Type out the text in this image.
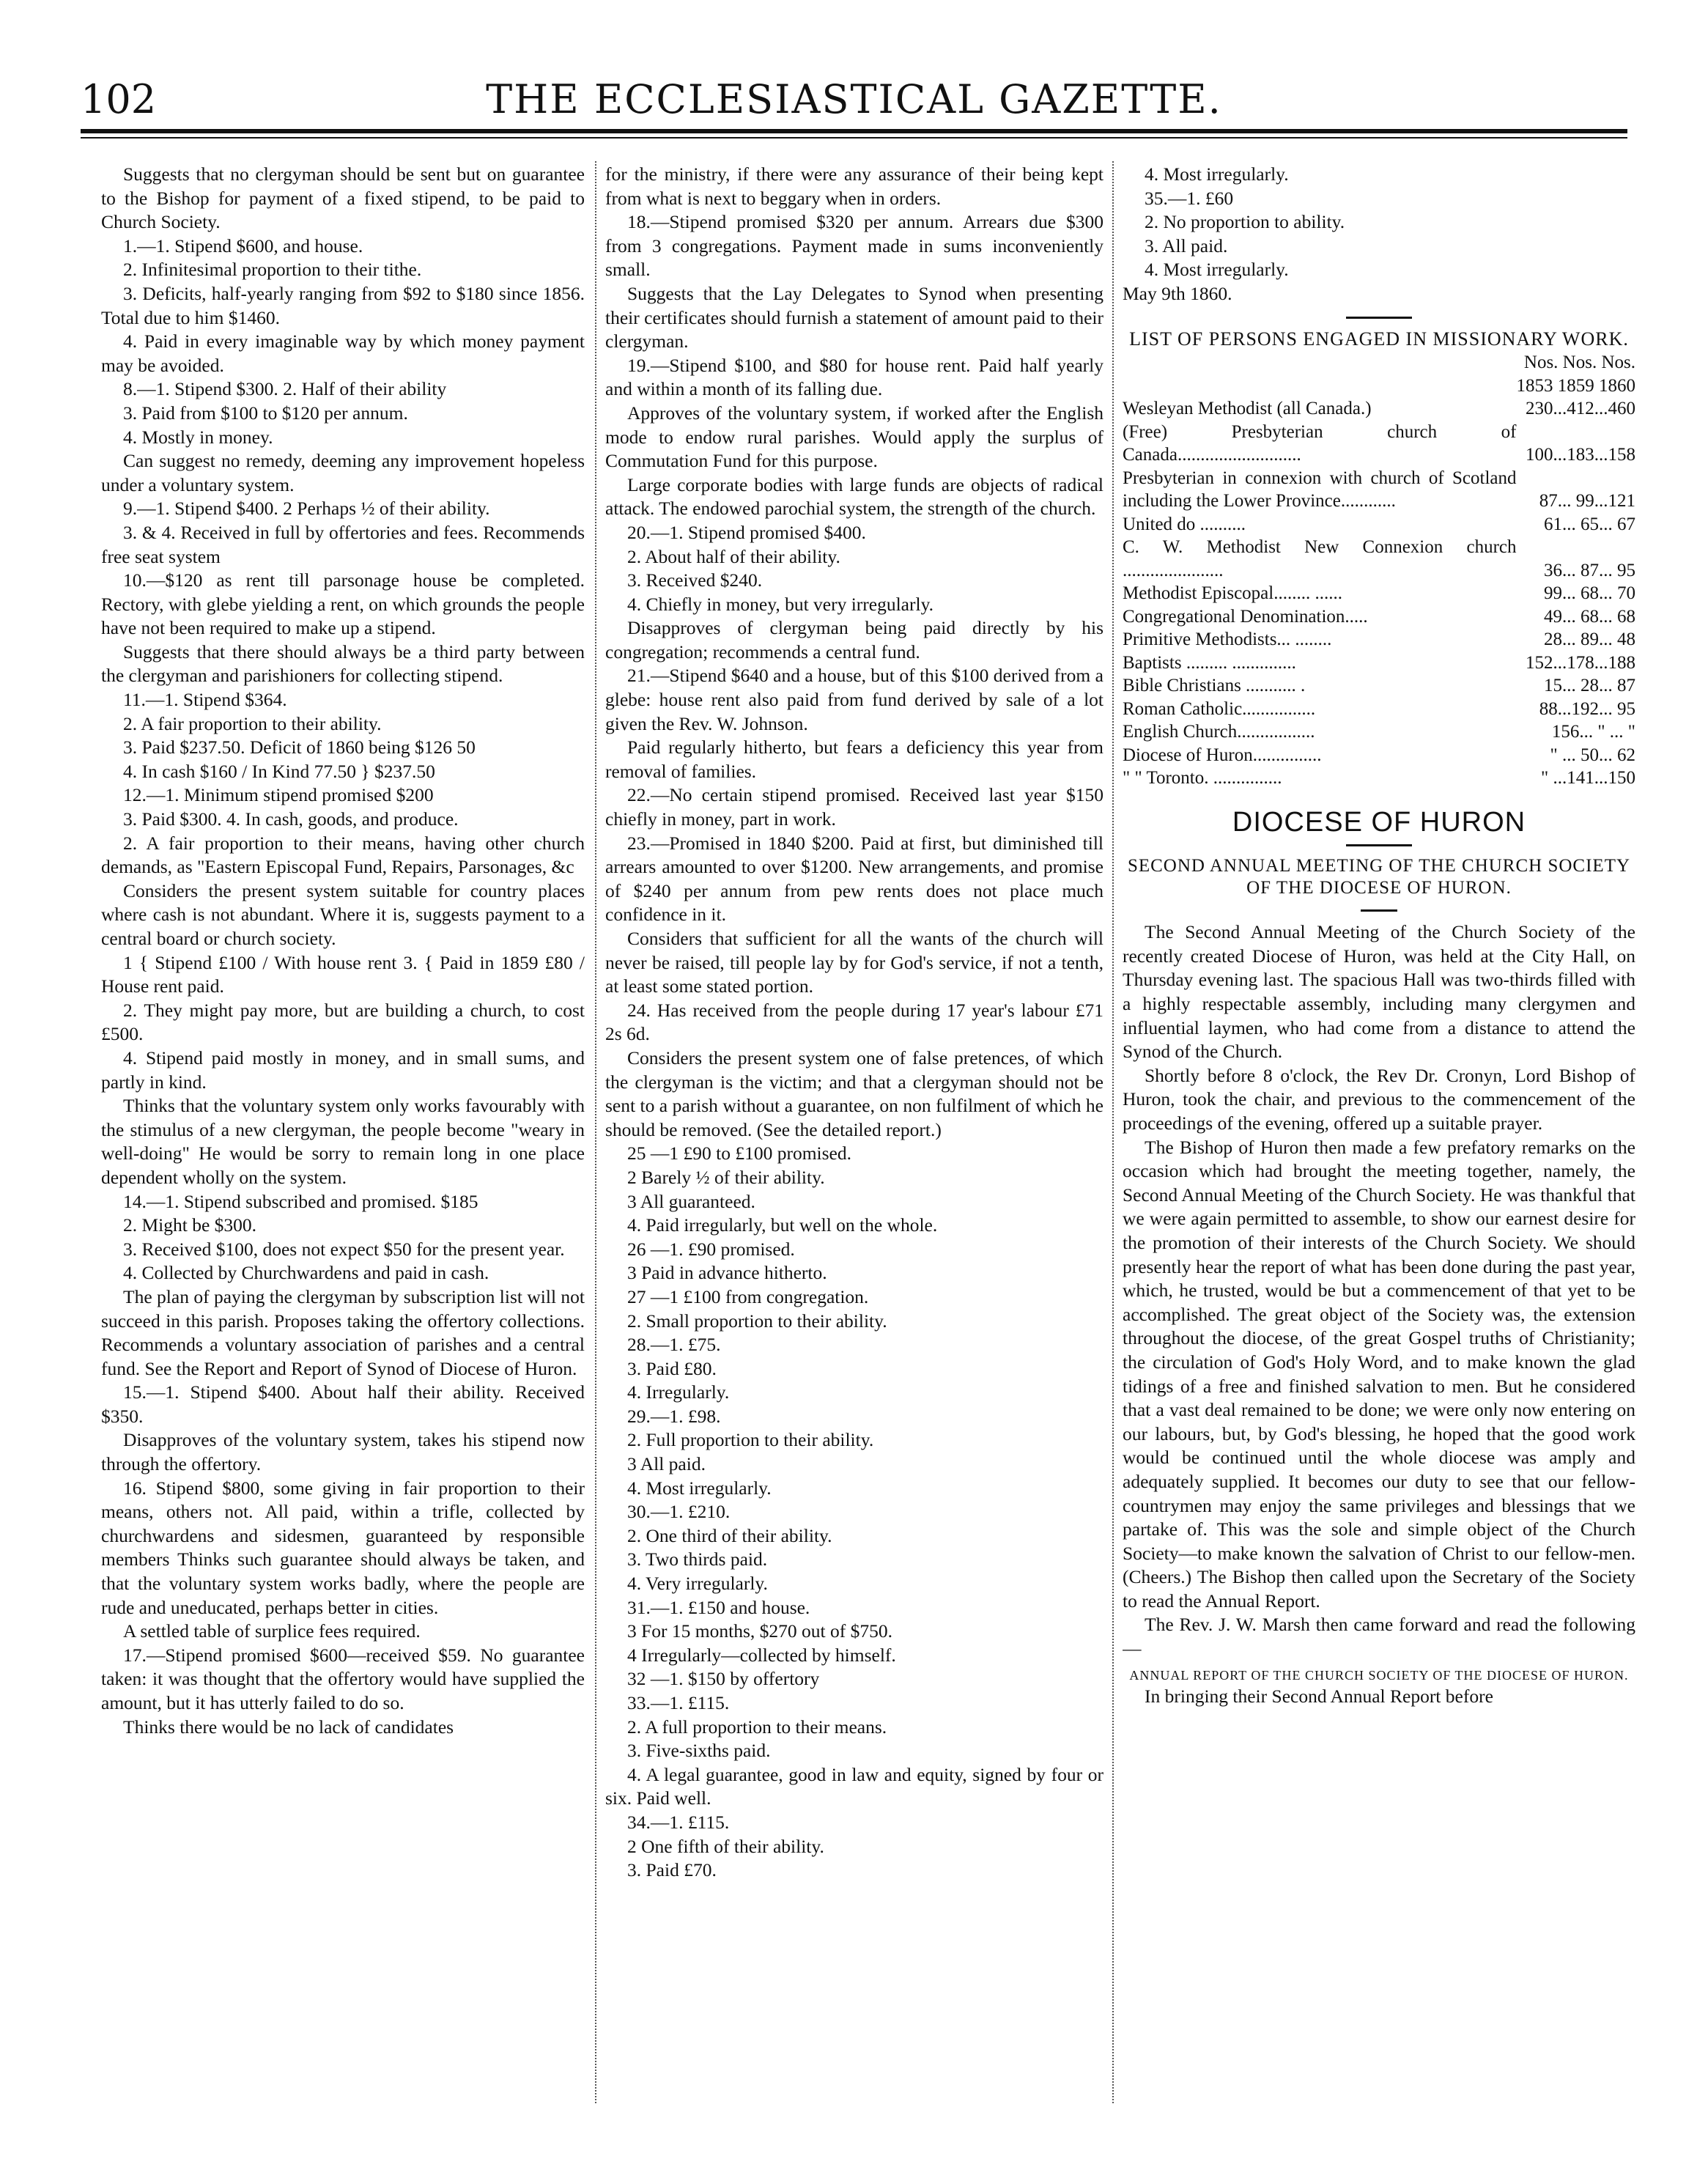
102	THE ECCLESIASTICAL GAZETTE.

Suggests that no clergyman should be sent but on guarantee to the Bishop for payment of a fixed stipend, to be paid to Church Society.

1.—1. Stipend $600, and house.

2. Infinitesimal proportion to their tithe.

3. Deficits, half-yearly ranging from $92 to $180 since 1856. Total due to him $1460.

4. Paid in every imaginable way by which money payment may be avoided.

8.—1. Stipend $300. 2. Half of their ability

3. Paid from $100 to $120 per annum.

4. Mostly in money.

Can suggest no remedy, deeming any improvement hopeless under a voluntary system.

9.—1. Stipend $400. 2 Perhaps ½ of their ability.

3. & 4. Received in full by offertories and fees. Recommends free seat system

10.—$120 as rent till parsonage house be completed. Rectory, with glebe yielding a rent, on which grounds the people have not been required to make up a stipend.

Suggests that there should always be a third party between the clergyman and parishioners for collecting stipend.

11.—1. Stipend $364.

2. A fair proportion to their ability.

3. Paid $237.50. Deficit of 1860 being $126 50

4. In cash $160 / In Kind 77.50 } $237.50

12.—1. Minimum stipend promised $200

3. Paid $300. 4. In cash, goods, and produce.

2. A fair proportion to their means, having other church demands, as "Eastern Episcopal Fund, Repairs, Parsonages, &c

Considers the present system suitable for country places where cash is not abundant. Where it is, suggests payment to a central board or church society.

1 { Stipend £100 / With house rent 3. { Paid in 1859 £80 / House rent paid.

2. They might pay more, but are building a church, to cost £500.

4. Stipend paid mostly in money, and in small sums, and partly in kind.

Thinks that the voluntary system only works favourably with the stimulus of a new clergyman, the people become "weary in well-doing" He would be sorry to remain long in one place dependent wholly on the system.

14.—1. Stipend subscribed and promised. $185

2. Might be $300.

3. Received $100, does not expect $50 for the present year.

4. Collected by Churchwardens and paid in cash.

The plan of paying the clergyman by subscription list will not succeed in this parish. Proposes taking the offertory collections. Recommends a voluntary association of parishes and a central fund. See the Report and Report of Synod of Diocese of Huron.

15.—1. Stipend $400. About half their ability. Received $350.

Disapproves of the voluntary system, takes his stipend now through the offertory.

16. Stipend $800, some giving in fair proportion to their means, others not. All paid, within a trifle, collected by churchwardens and sidesmen, guaranteed by responsible members Thinks such guarantee should always be taken, and that the voluntary system works badly, where the people are rude and uneducated, perhaps better in cities.

A settled table of surplice fees required.

17.—Stipend promised $600—received $59. No guarantee taken: it was thought that the offertory would have supplied the amount, but it has utterly failed to do so.

Thinks there would be no lack of candidates

for the ministry, if there were any assurance of their being kept from what is next to beggary when in orders.

18.—Stipend promised $320 per annum. Arrears due $300 from 3 congregations. Payment made in sums inconveniently small.

Suggests that the Lay Delegates to Synod when presenting their certificates should furnish a statement of amount paid to their clergyman.

19.—Stipend $100, and $80 for house rent. Paid half yearly and within a month of its falling due.

Approves of the voluntary system, if worked after the English mode to endow rural parishes. Would apply the surplus of Commutation Fund for this purpose.

Large corporate bodies with large funds are objects of radical attack. The endowed parochial system, the strength of the church.

20.—1. Stipend promised $400.

2. About half of their ability.

3. Received $240.

4. Chiefly in money, but very irregularly.

Disapproves of clergyman being paid directly by his congregation; recommends a central fund.

21.—Stipend $640 and a house, but of this $100 derived from a glebe: house rent also paid from fund derived by sale of a lot given the Rev. W. Johnson.

Paid regularly hitherto, but fears a deficiency this year from removal of families.

22.—No certain stipend promised. Received last year $150 chiefly in money, part in work.

23.—Promised in 1840 $200. Paid at first, but diminished till arrears amounted to over $1200. New arrangements, and promise of $240 per annum from pew rents does not place much confidence in it.

Considers that sufficient for all the wants of the church will never be raised, till people lay by for God's service, if not a tenth, at least some stated portion.

24. Has received from the people during 17 year's labour £71 2s 6d.

Considers the present system one of false pretences, of which the clergyman is the victim; and that a clergyman should not be sent to a parish without a guarantee, on non fulfilment of which he should be removed. (See the detailed report.)

25 —1 £90 to £100 promised.

2 Barely ½ of their ability.

3 All guaranteed.

4. Paid irregularly, but well on the whole.

26 —1. £90 promised.

3 Paid in advance hitherto.

27 —1 £100 from congregation.

2. Small proportion to their ability.

28.—1. £75.

3. Paid £80.

4. Irregularly.

29.—1. £98.

2. Full proportion to their ability.

3 All paid.

4. Most irregularly.

30.—1. £210.

2. One third of their ability.

3. Two thirds paid.

4. Very irregularly.

31.—1. £150 and house.

3 For 15 months, $270 out of $750.

4 Irregularly—collected by himself.

32 —1. $150 by offertory

33.—1. £115.

2. A full proportion to their means.

3. Five-sixths paid.

4. A legal guarantee, good in law and equity, signed by four or six. Paid well.

34.—1. £115.

2 One fifth of their ability.

3. Paid £70.

4. Most irregularly.

35.—1. £60

2. No proportion to ability.

3. All paid.

4. Most irregularly.

May 9th 1860.

LIST OF PERSONS ENGAGED IN MISSIONARY WORK.
	Nos. Nos. Nos.
	1853 1859 1860
Wesleyan Methodist (all Canada.)	230...412...460
(Free) Presbyterian church of Canada...........................	100...183...158
Presbyterian in connexion with church of Scotland including the Lower Province............	87... 99...121
United do ..........	61... 65... 67
C. W. Methodist New Connexion church ......................	36... 87... 95
Methodist Episcopal........ ......	99... 68... 70
Congregational Denomination.....	49... 68... 68
Primitive Methodists... ........	28... 89... 48
Baptists ......... ..............	152...178...188
Bible Christians ........... .	15... 28... 87
Roman Catholic................	88...192... 95
English Church.................	156... " ... "
Diocese of Huron...............	" ... 50... 62
" " Toronto. ...............	" ...141...150
DIOCESE OF HURON
SECOND ANNUAL MEETING OF THE CHURCH SOCIETY OF THE DIOCESE OF HURON.

The Second Annual Meeting of the Church Society of the recently created Diocese of Huron, was held at the City Hall, on Thursday evening last. The spacious Hall was two-thirds filled with a highly respectable assembly, including many clergymen and influential laymen, who had come from a distance to attend the Synod of the Church.

Shortly before 8 o'clock, the Rev Dr. Cronyn, Lord Bishop of Huron, took the chair, and previous to the commencement of the proceedings of the evening, offered up a suitable prayer.

The Bishop of Huron then made a few prefatory remarks on the occasion which had brought the meeting together, namely, the Second Annual Meeting of the Church Society. He was thankful that we were again permitted to assemble, to show our earnest desire for the promotion of their interests of the Church Society. We should presently hear the report of what has been done during the past year, which, he trusted, would be but a commencement of that yet to be accomplished. The great object of the Society was, the extension throughout the diocese, of the great Gospel truths of Christianity; the circulation of God's Holy Word, and to make known the glad tidings of a free and finished salvation to men. But he considered that a vast deal remained to be done; we were only now entering on our labours, but, by God's blessing, he hoped that the good work would be continued until the whole diocese was amply and adequately supplied. It becomes our duty to see that our fellow-countrymen may enjoy the same privileges and blessings that we partake of. This was the sole and simple object of the Church Society—to make known the salvation of Christ to our fellow-men. (Cheers.) The Bishop then called upon the Secretary of the Society to read the Annual Report.

The Rev. J. W. Marsh then came forward and read the following—

ANNUAL REPORT OF THE CHURCH SOCIETY OF THE DIOCESE OF HURON.

In bringing their Second Annual Report before
